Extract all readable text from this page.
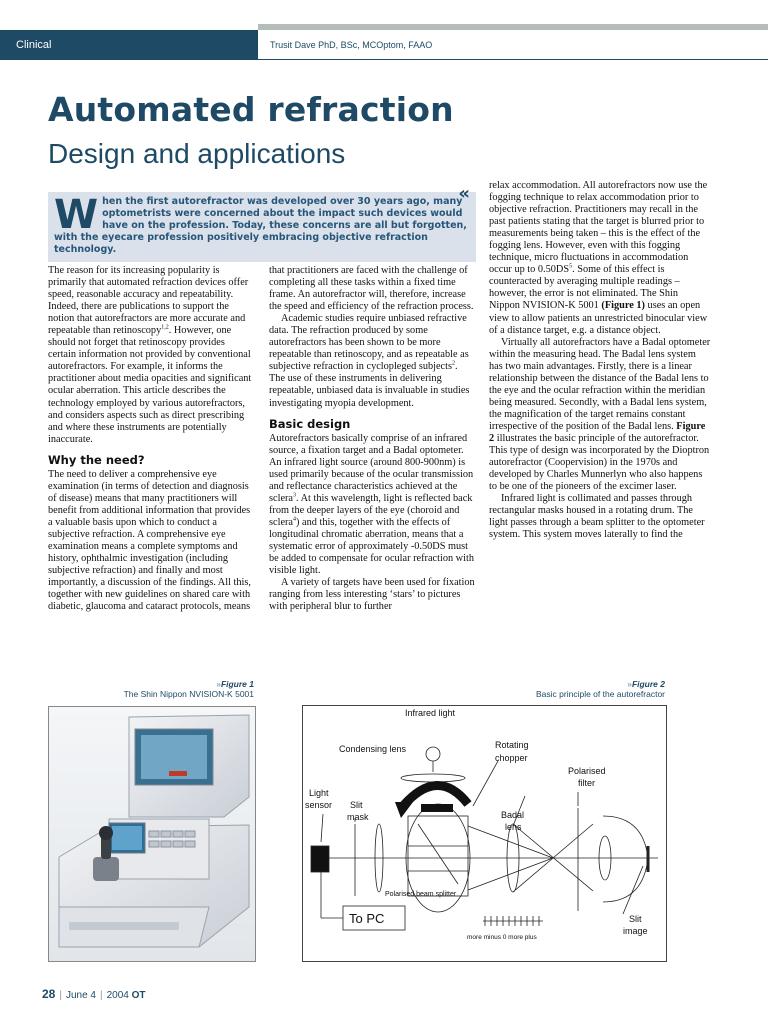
Clinical	Trusit Dave PhD, BSc, MCOptom, FAAO
Automated refraction
Design and applications
«
W hen the first autorefractor was developed over 30 years ago, many optometrists were concerned about the impact such devices would have on the profession. Today, these concerns are all but forgotten, with the eyecare profession positively embracing objective refraction technology.

The reason for its increasing popularity is primarily that automated refraction devices offer speed, reasonable accuracy and repeatability. Indeed, there are publications to support the notion that autorefractors are more accurate and repeatable than retinoscopy$^{1,2}$. However, one should not forget that retinoscopy provides certain information not provided by conventional autorefractors. For example, it informs the practitioner about media opacities and significant ocular aberration. This article describes the technology employed by various autorefractors, and considers aspects such as direct prescribing and where these instruments are potentially inaccurate.

Why the need?

The need to deliver a comprehensive eye examination (in terms of detection and diagnosis of disease) means that many practitioners will benefit from additional information that provides a valuable basis upon which to conduct a subjective refraction. A comprehensive eye examination means a complete symptoms and history, ophthalmic investigation (including subjective refraction) and finally and most importantly, a discussion of the findings. All this, together with new guidelines on shared care with diabetic, glaucoma and cataract protocols, means

that practitioners are faced with the challenge of completing all these tasks within a fixed time frame. An autorefractor will, therefore, increase the speed and efficiency of the refraction process.

Academic studies require unbiased refractive data. The refraction produced by some autorefractors has been shown to be more repeatable than retinoscopy, and as repeatable as subjective refraction in cyclopleged subjects$^2$. The use of these instruments in delivering repeatable, unbiased data is invaluable in studies investigating myopia development.

Basic design

Autorefractors basically comprise of an infrared source, a fixation target and a Badal optometer. An infrared light source (around 800-900nm) is used primarily because of the ocular transmission and reflectance characteristics achieved at the sclera$^3$. At this wavelength, light is reflected back from the deeper layers of the eye (choroid and sclera$^4$) and this, together with the effects of longitudinal chromatic aberration, means that a systematic error of approximately -0.50DS must be added to compensate for ocular refraction with visible light.

A variety of targets have been used for fixation ranging from less interesting ‘stars’ to pictures with peripheral blur to further

relax accommodation. All autorefractors now use the fogging technique to relax accommodation prior to objective refraction. Practitioners may recall in the past patients stating that the target is blurred prior to measurements being taken – this is the effect of the fogging lens. However, even with this fogging technique, micro fluctuations in accommodation occur up to $0.50DS^5$. Some of this effect is counteracted by averaging multiple readings – however, the error is not eliminated. The Shin Nippon NVISION-K 5001 (Figure 1) uses an open view to allow patients an unrestricted binocular view of a distance target, e.g. a distance object.

Virtually all autorefractors have a Badal optometer within the measuring head. The Badal lens system has two main advantages. Firstly, there is a linear relationship between the distance of the Badal lens to the eye and the ocular refraction within the meridian being measured. Secondly, with a Badal lens system, the magnification of the target remains constant irrespective of the position of the Badal lens. Figure 2 illustrates the basic principle of the autorefractor. This type of design was incorporated by the Dioptron autorefractor (Coopervision) in the 1970s and developed by Charles Munnerlyn who also happens to be one of the pioneers of the excimer laser.

Infrared light is collimated and passes through rectangular masks housed in a rotating drum. The light passes through a beam splitter to the optometer system. This system moves laterally to find the

»Figure 1
The Shin Nippon NVISION-K 5001
»Figure 2
Basic principle of the autorefractor
Infrared light
Condensing lens	Rotating
chopper
Polarised
filter
Light
sensor Slit
mask	Badal
lens
Polarised beam splitter
To PC
more minus 0 more plus
Slit
image
28 | June 4 | 2004 OT
